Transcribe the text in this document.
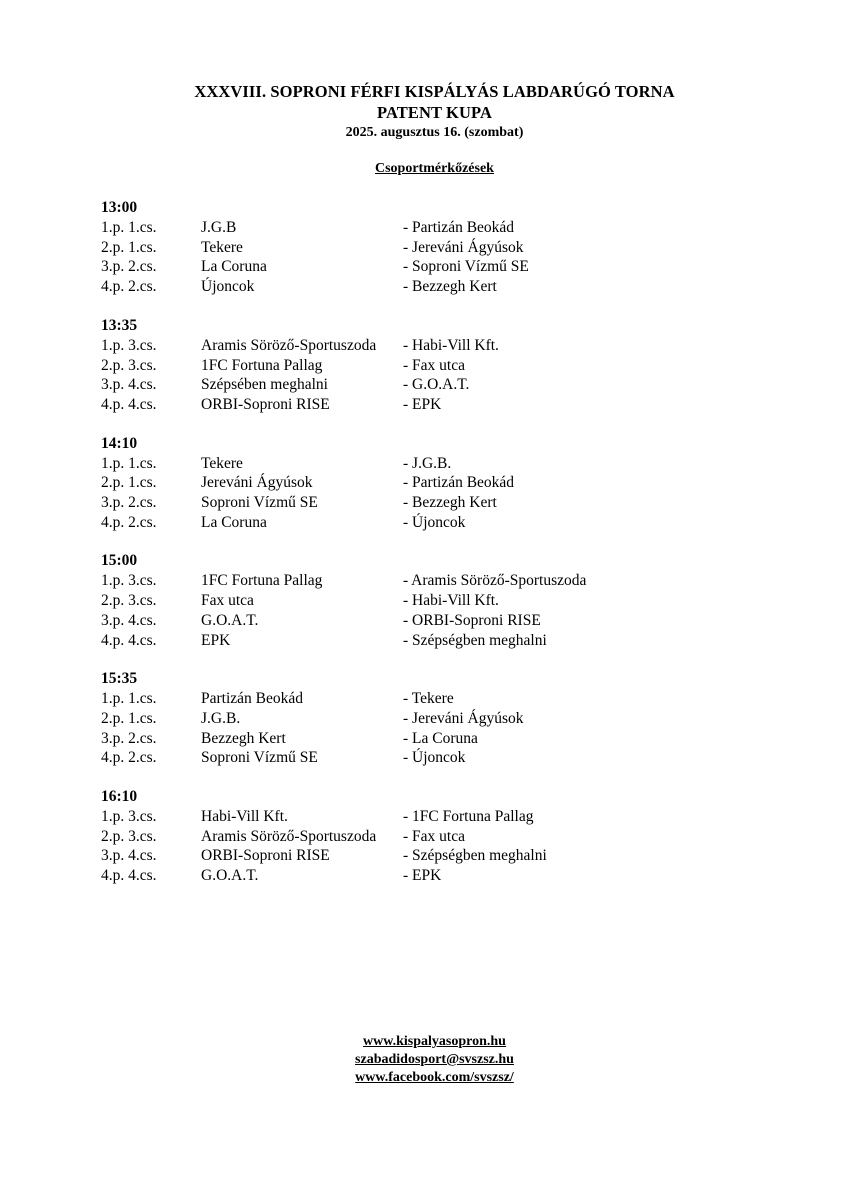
XXXVIII. SOPRONI FÉRFI KISPÁLYÁS LABDARÚGÓ TORNA
PATENT KUPA
2025. augusztus 16. (szombat)
Csoportmérkőzések
13:00
1.p. 1.cs.	J.G.B	- Partizán Beokád
2.p. 1.cs.	Tekere	- Jereváni Ágyúsok
3.p. 2.cs.	La Coruna	- Soproni Vízmű SE
4.p. 2.cs.	Újoncok	- Bezzegh Kert
13:35
1.p. 3.cs.	Aramis Söröző-Sportuszoda	- Habi-Vill Kft.
2.p. 3.cs.	1FC Fortuna Pallag	- Fax utca
3.p. 4.cs.	Szépsében meghalni	- G.O.A.T.
4.p. 4.cs.	ORBI-Soproni RISE	- EPK
14:10
1.p. 1.cs.	Tekere	- J.G.B.
2.p. 1.cs.	Jereváni Ágyúsok	- Partizán Beokád
3.p. 2.cs.	Soproni Vízmű SE	- Bezzegh Kert
4.p. 2.cs.	La Coruna	- Újoncok
15:00
1.p. 3.cs.	1FC Fortuna Pallag	- Aramis Söröző-Sportuszoda
2.p. 3.cs.	Fax utca	- Habi-Vill Kft.
3.p. 4.cs.	G.O.A.T.	- ORBI-Soproni RISE
4.p. 4.cs.	EPK	- Szépségben meghalni
15:35
1.p. 1.cs.	Partizán Beokád	- Tekere
2.p. 1.cs.	J.G.B.	- Jereváni Ágyúsok
3.p. 2.cs.	Bezzegh Kert	- La Coruna
4.p. 2.cs.	Soproni Vízmű SE	- Újoncok
16:10
1.p. 3.cs.	Habi-Vill Kft.	- 1FC Fortuna Pallag
2.p. 3.cs.	Aramis Söröző-Sportuszoda	- Fax utca
3.p. 4.cs.	ORBI-Soproni RISE	- Szépségben meghalni
4.p. 4.cs.	G.O.A.T.	- EPK
www.kispalyasopron.hu
szabadidosport@svszsz.hu
www.facebook.com/svszsz/
